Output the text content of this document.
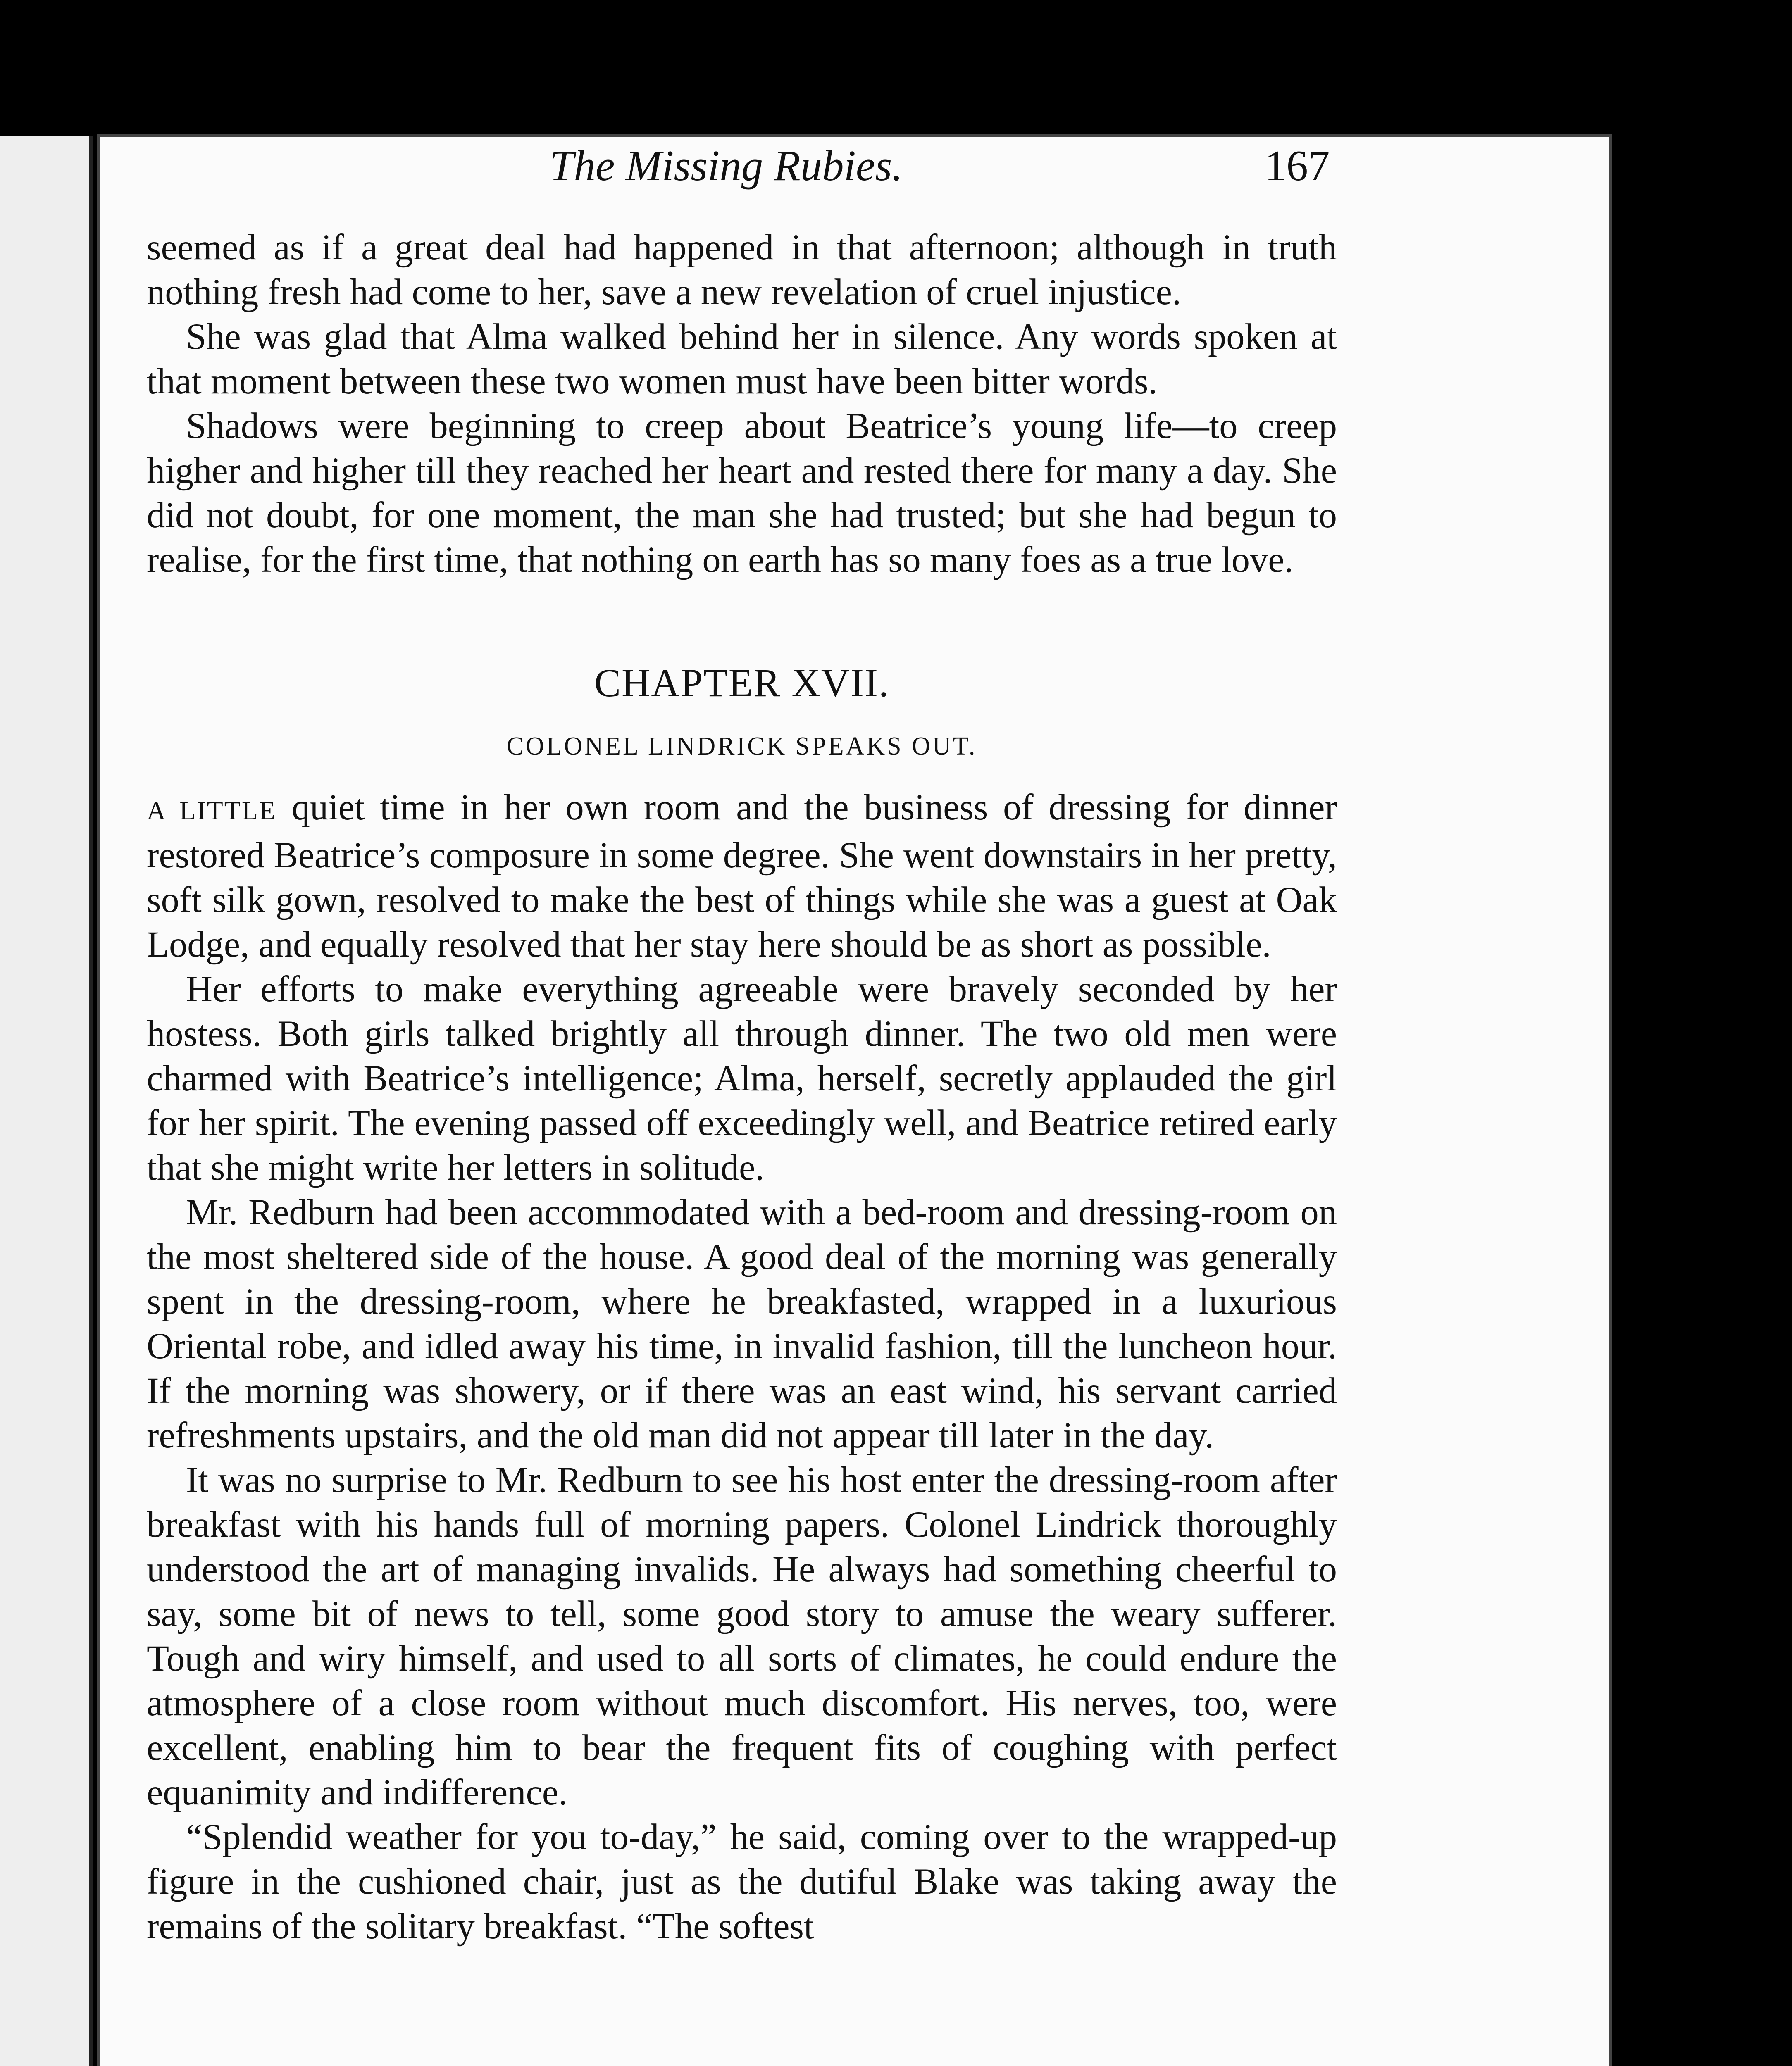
The Missing Rubies.	167

seemed as if a great deal had happened in that afternoon; although in truth nothing fresh had come to her, save a new revelation of cruel injustice.

She was glad that Alma walked behind her in silence. Any words spoken at that moment between these two women must have been bitter words.

Shadows were beginning to creep about Beatrice’s young life—to creep higher and higher till they reached her heart and rested there for many a day. She did not doubt, for one moment, the man she had trusted; but she had begun to realise, for the first time, that nothing on earth has so many foes as a true love.

CHAPTER XVII.

COLONEL LINDRICK SPEAKS OUT.

A LITTLE quiet time in her own room and the business of dressing for dinner restored Beatrice’s composure in some degree. She went downstairs in her pretty, soft silk gown, resolved to make the best of things while she was a guest at Oak Lodge, and equally resolved that her stay here should be as short as possible.

Her efforts to make everything agreeable were bravely seconded by her hostess. Both girls talked brightly all through dinner. The two old men were charmed with Beatrice’s intelligence; Alma, herself, secretly applauded the girl for her spirit. The evening passed off exceedingly well, and Beatrice retired early that she might write her letters in solitude.

Mr. Redburn had been accommodated with a bed-room and dressing-room on the most sheltered side of the house. A good deal of the morning was generally spent in the dressing-room, where he breakfasted, wrapped in a luxurious Oriental robe, and idled away his time, in invalid fashion, till the luncheon hour. If the morning was showery, or if there was an east wind, his servant carried refreshments upstairs, and the old man did not appear till later in the day.

It was no surprise to Mr. Redburn to see his host enter the dressing-room after breakfast with his hands full of morning papers. Colonel Lindrick thoroughly understood the art of managing invalids. He always had something cheerful to say, some bit of news to tell, some good story to amuse the weary sufferer. Tough and wiry himself, and used to all sorts of climates, he could endure the atmosphere of a close room without much discomfort. His nerves, too, were excellent, enabling him to bear the frequent fits of coughing with perfect equanimity and indifference.

“Splendid weather for you to-day,” he said, coming over to the wrapped-up figure in the cushioned chair, just as the dutiful Blake was taking away the remains of the solitary breakfast. “The softest
